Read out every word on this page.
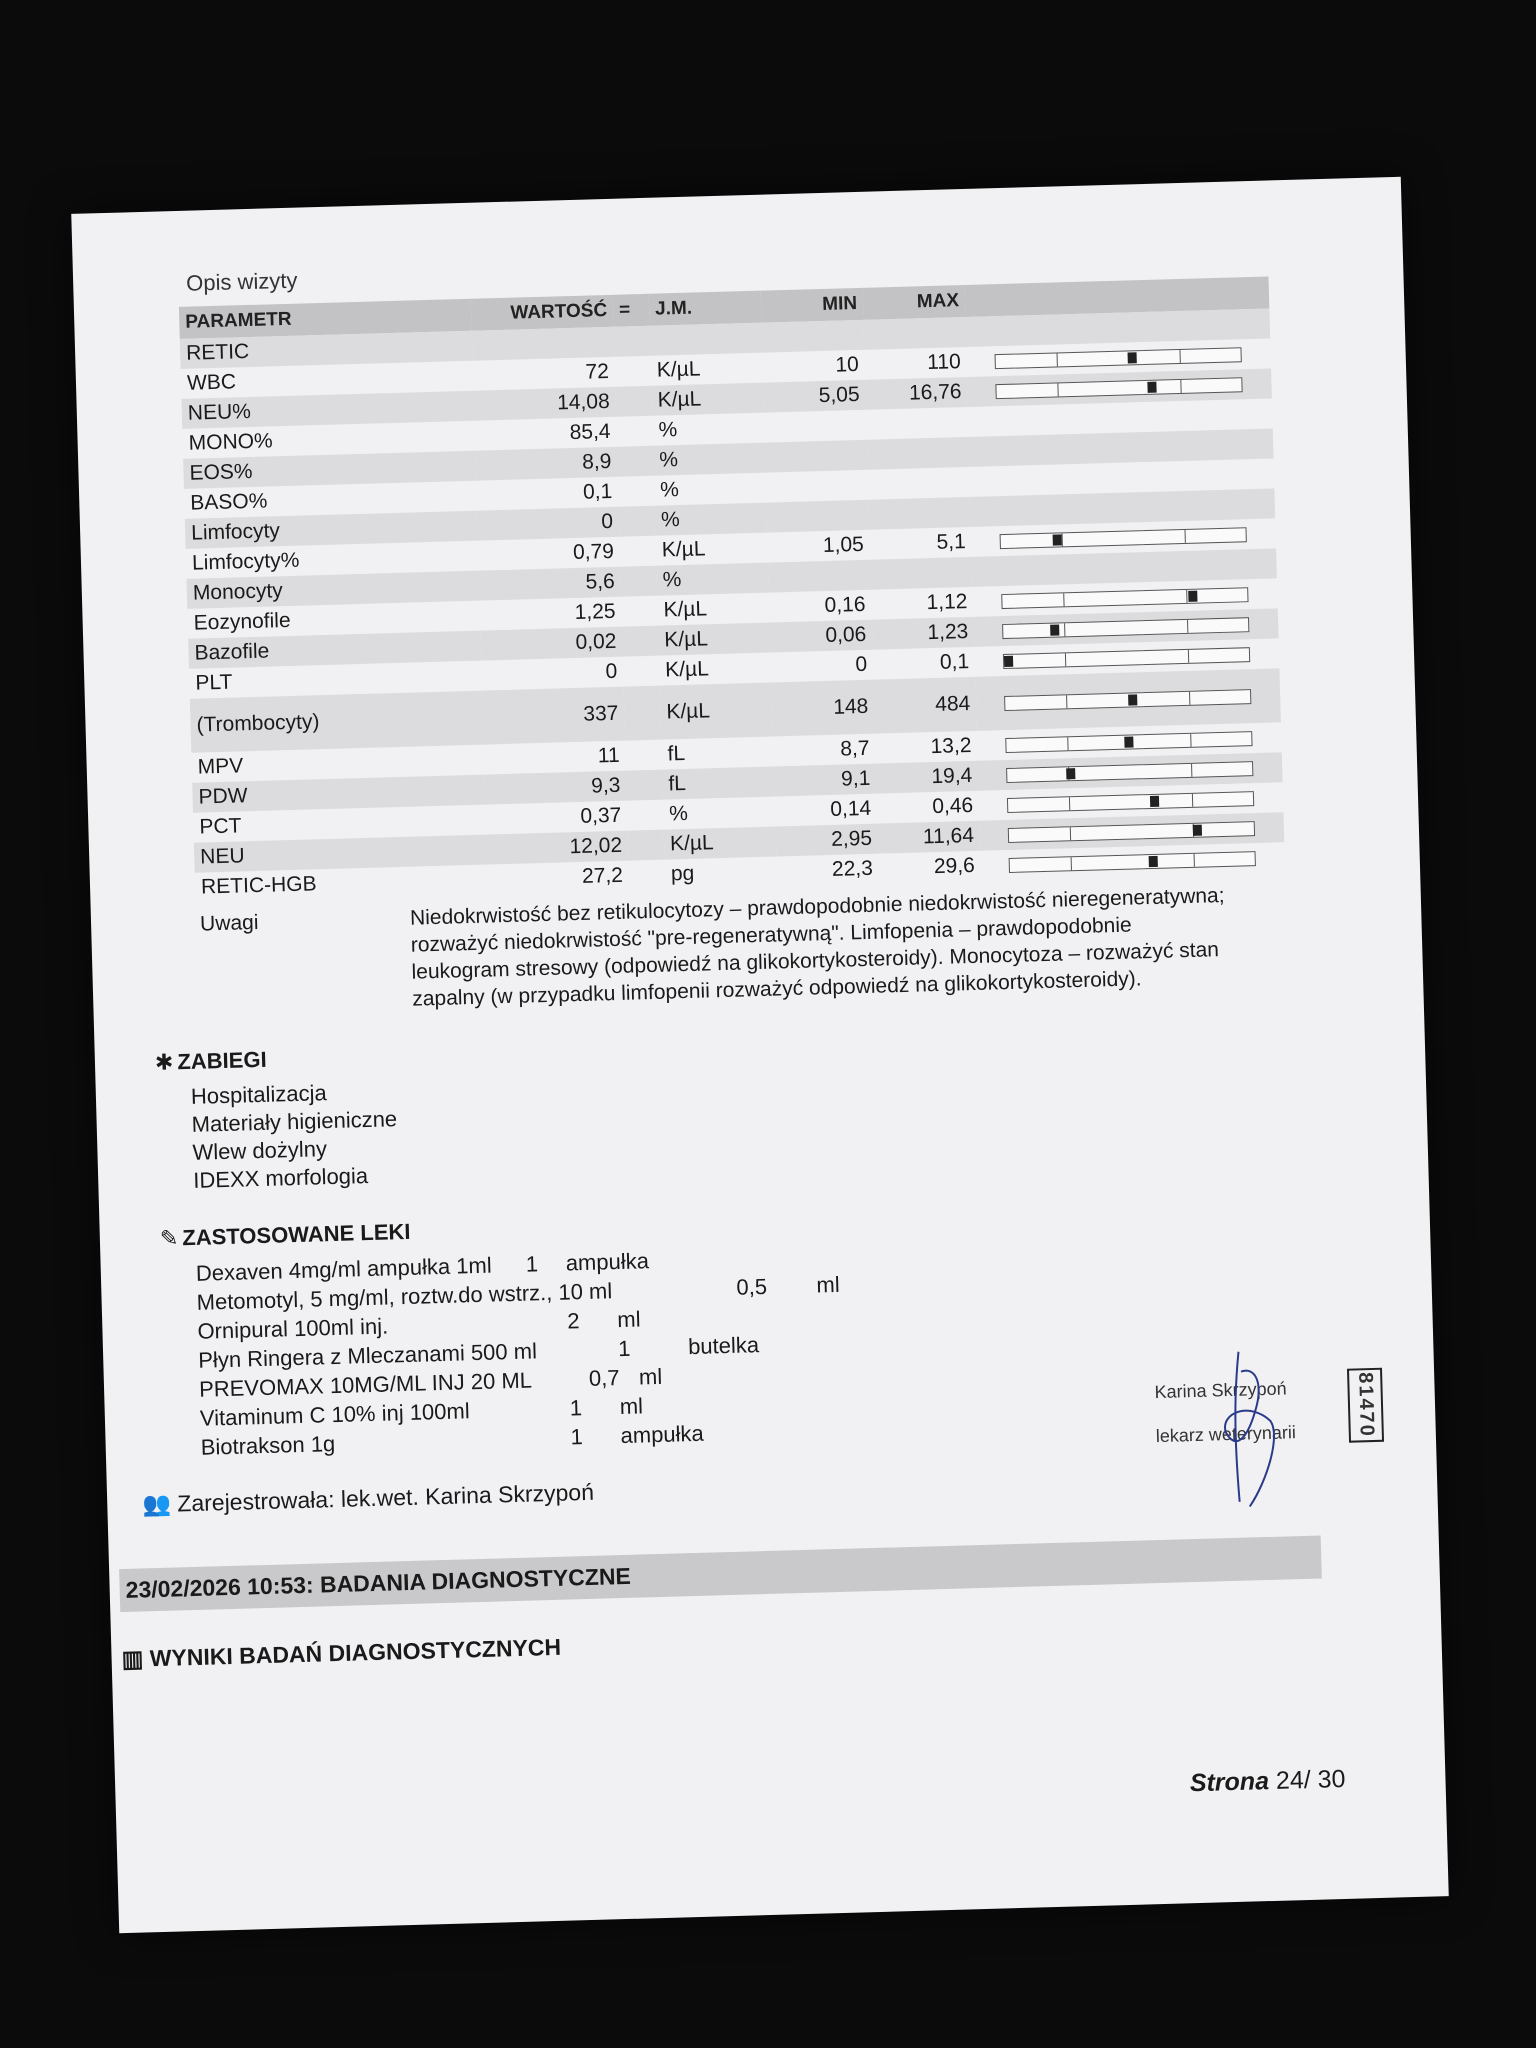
Opis wizyty
PARAMETR	WARTOŚĆ	=	J.M.	MIN	MAX	
RETIC						
WBC	72		K/µL	10	110	

NEU%	14,08		K/µL	5,05	16,76	

MONO%	85,4		%			
EOS%	8,9		%			
BASO%	0,1		%			
Limfocyty	0		%			
Limfocyty%	0,79		K/µL	1,05	5,1	

Monocyty	5,6		%			
Eozynofile	1,25		K/µL	0,16	1,12	

Bazofile	0,02		K/µL	0,06	1,23	

PLT	0		K/µL	0	0,1	

(Trombocyty)	337		K/µL	148	484	

MPV	11		fL	8,7	13,2	

PDW	9,3		fL	9,1	19,4	

PCT	0,37		%	0,14	0,46	

NEU	12,02		K/µL	2,95	11,64	

RETIC-HGB	27,2		pg	22,3	29,6	
Uwagi	Niedokrwistość bez retikulocytozy – prawdopodobnie niedokrwistość nieregeneratywna; rozważyć niedokrwistość "pre-regeneratywną". Limfopenia – prawdopodobnie leukogram stresowy (odpowiedź na glikokortykosteroidy). Monocytoza – rozważyć stan zapalny (w przypadku limfopenii rozważyć odpowiedź na glikokortykosteroidy).
✱ ZABIEGI
Hospitalizacja
Materiały higieniczne
Wlew dożylny
IDEXX morfologia
✎ ZASTOSOWANE LEKI
Dexaven 4mg/ml ampułka 1ml	1	ampułka
Metomotyl, 5 mg/ml, roztw.do wstrz., 10 ml	0,5	ml
Ornipural 100ml inj.	2	ml
Płyn Ringera z Mleczanami 500 ml	1	butelka
PREVOMAX 10MG/ML INJ 20 ML	0,7 ml
Vitaminum C 10% inj 100ml	1	ml
Biotrakson 1g	1	ampułka
👥 Zarejestrowała: lek.wet. Karina Skrzypoń
23/02/2026 10:53: BADANIA DIAGNOSTYCZNE
▥ WYNIKI BADAŃ DIAGNOSTYCZNYCH
Karina Skrzypoń
lekarz weterynarii	81470
Strona 24/ 30
